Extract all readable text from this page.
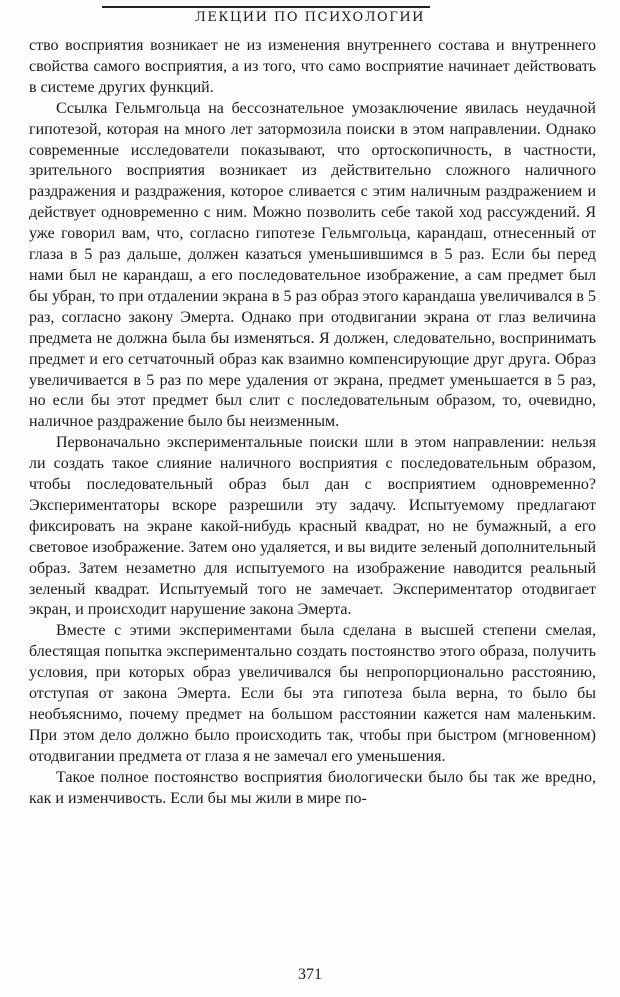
ЛЕКЦИИ ПО ПСИХОЛОГИИ

ство восприятия возникает не из изменения внутреннего состава и внутреннего свойства самого восприятия, а из того, что само восприятие начинает действовать в системе других функций.

Ссылка Гельмгольца на бессознательное умозаключение явилась неудачной гипотезой, которая на много лет затормозила поиски в этом направлении. Однако современные исследователи показывают, что ортоскопичность, в частности, зрительного восприятия возникает из действительно сложного наличного раздражения и раздражения, которое сливается с этим наличным раздражением и действует одновременно с ним. Можно позволить себе такой ход рассуждений. Я уже говорил вам, что, согласно гипотезе Гельмгольца, карандаш, отнесенный от глаза в 5 раз дальше, должен казаться уменьшившимся в 5 раз. Если бы перед нами был не карандаш, а его последовательное изображение, а сам предмет был бы убран, то при отдалении экрана в 5 раз образ этого карандаша увеличивался в 5 раз, согласно закону Эмерта. Однако при отодвигании экрана от глаз величина предмета не должна была бы изменяться. Я должен, следовательно, воспринимать предмет и его сетчаточный образ как взаимно компенсирующие друг друга. Образ увеличивается в 5 раз по мере удаления от экрана, предмет уменьшается в 5 раз, но если бы этот предмет был слит с последовательным образом, то, очевидно, наличное раздражение было бы неизменным.

Первоначально экспериментальные поиски шли в этом направлении: нельзя ли создать такое слияние наличного восприятия с последовательным образом, чтобы последовательный образ был дан с восприятием одновременно? Экспериментаторы вскоре разрешили эту задачу. Испытуемому предлагают фиксировать на экране какой-нибудь красный квадрат, но не бумажный, а его световое изображение. Затем оно удаляется, и вы видите зеленый дополнительный образ. Затем незаметно для испытуемого на изображение наводится реальный зеленый квадрат. Испытуемый того не замечает. Экспериментатор отодвигает экран, и происходит нарушение закона Эмерта.

Вместе с этими экспериментами была сделана в высшей степени смелая, блестящая попытка экспериментально создать постоянство этого образа, получить условия, при которых образ увеличивался бы непропорционально расстоянию, отступая от закона Эмерта. Если бы эта гипотеза была верна, то было бы необъяснимо, почему предмет на большом расстоянии кажется нам маленьким. При этом дело должно было происходить так, чтобы при быстром (мгновенном) отодвигании предмета от глаза я не замечал его уменьшения.

Такое полное постоянство восприятия биологически было бы так же вредно, как и изменчивость. Если бы мы жили в мире по-

371
